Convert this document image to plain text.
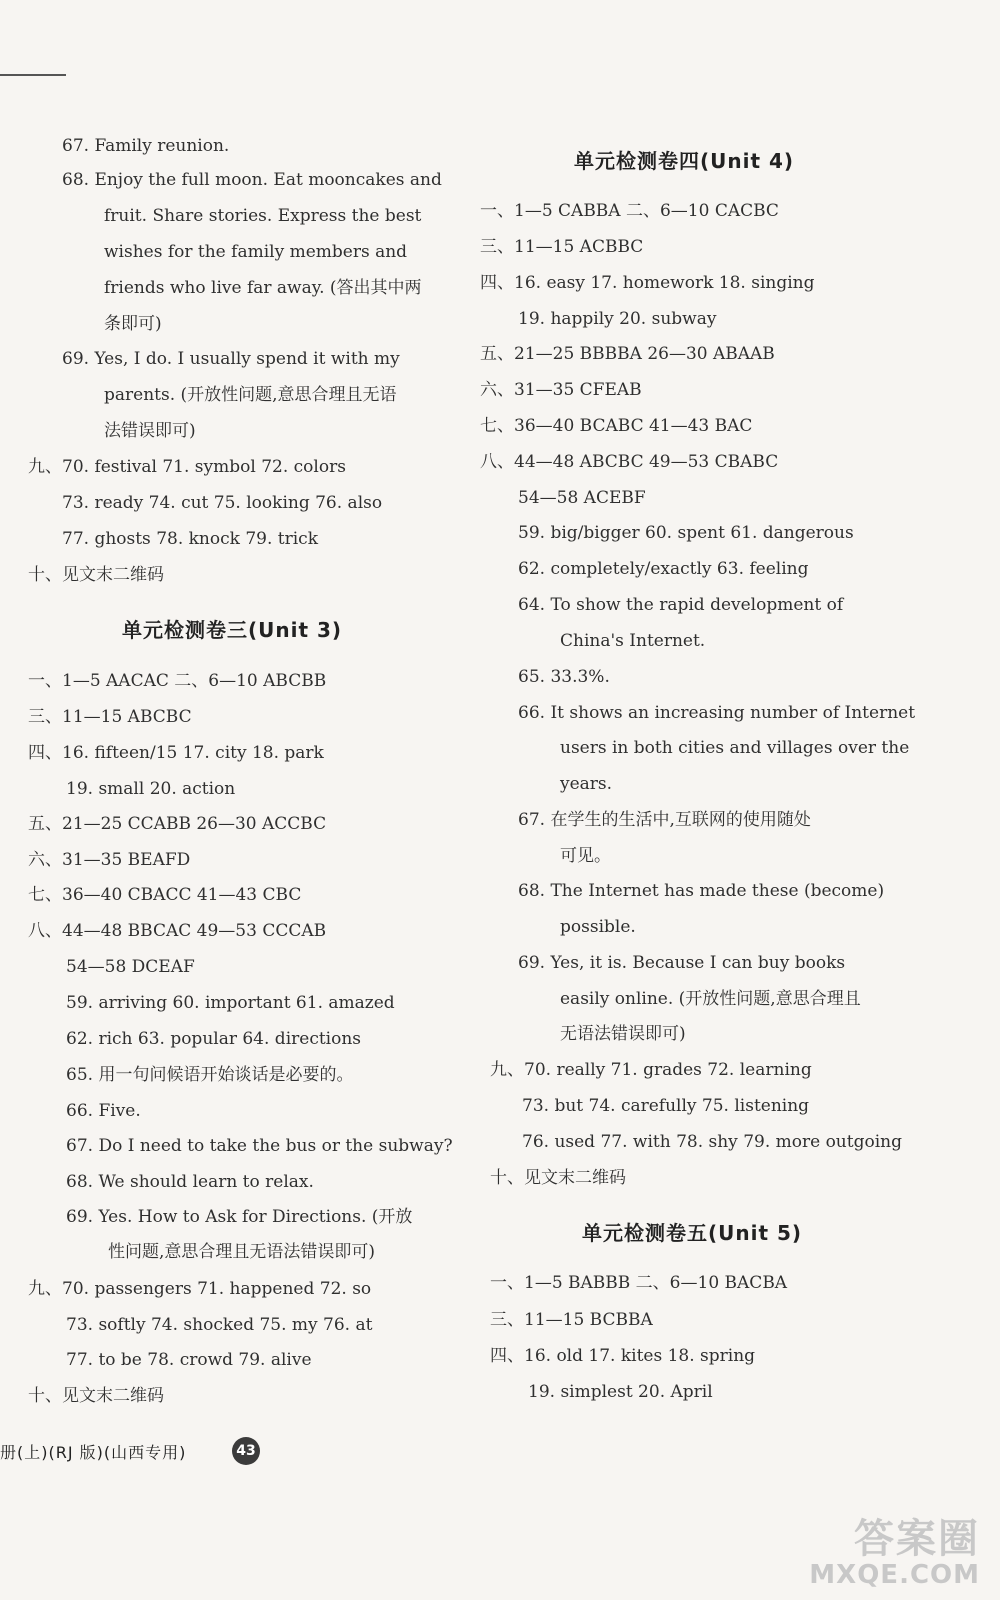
67. Family reunion.
68. Enjoy the full moon. Eat mooncakes and
fruit. Share stories. Express the best
wishes for the family members and
friends who live far away. (答出其中两
条即可)
69. Yes, I do. I usually spend it with my
parents. (开放性问题,意思合理且无语
法错误即可)
九、70. festival 71. symbol 72. colors
73. ready 74. cut 75. looking 76. also
77. ghosts 78. knock 79. trick
十、见文末二维码
单元检测卷三(Unit 3)
一、1—5 AACAC 二、6—10 ABCBB
三、11—15 ABCBC
四、16. fifteen/15 17. city 18. park
19. small 20. action
五、21—25 CCABB 26—30 ACCBC
六、31—35 BEAFD
七、36—40 CBACC 41—43 CBC
八、44—48 BBCAC 49—53 CCCAB
54—58 DCEAF
59. arriving 60. important 61. amazed
62. rich 63. popular 64. directions
65. 用一句问候语开始谈话是必要的。
66. Five.
67. Do I need to take the bus or the subway?
68. We should learn to relax.
69. Yes. How to Ask for Directions. (开放
性问题,意思合理且无语法错误即可)
九、70. passengers 71. happened 72. so
73. softly 74. shocked 75. my 76. at
77. to be 78. crowd 79. alive
十、见文末二维码
单元检测卷四(Unit 4)
一、1—5 CABBA 二、6—10 CACBC
三、11—15 ACBBC
四、16. easy 17. homework 18. singing
19. happily 20. subway
五、21—25 BBBBA 26—30 ABAAB
六、31—35 CFEAB
七、36—40 BCABC 41—43 BAC
八、44—48 ABCBC 49—53 CBABC
54—58 ACEBF
59. big/bigger 60. spent 61. dangerous
62. completely/exactly 63. feeling
64. To show the rapid development of
China's Internet.
65. 33.3%.
66. It shows an increasing number of Internet
users in both cities and villages over the
years.
67. 在学生的生活中,互联网的使用随处
可见。
68. The Internet has made these (become)
possible.
69. Yes, it is. Because I can buy books
easily online. (开放性问题,意思合理且
无语法错误即可)
九、70. really 71. grades 72. learning
73. but 74. carefully 75. listening
76. used 77. with 78. shy 79. more outgoing
十、见文末二维码
单元检测卷五(Unit 5)
一、1—5 BABBB 二、6—10 BACBA
三、11—15 BCBBA
四、16. old 17. kites 18. spring
19. simplest 20. April
册(上)(RJ 版)(山西专用)	43
答案圈
MXQE.COM
